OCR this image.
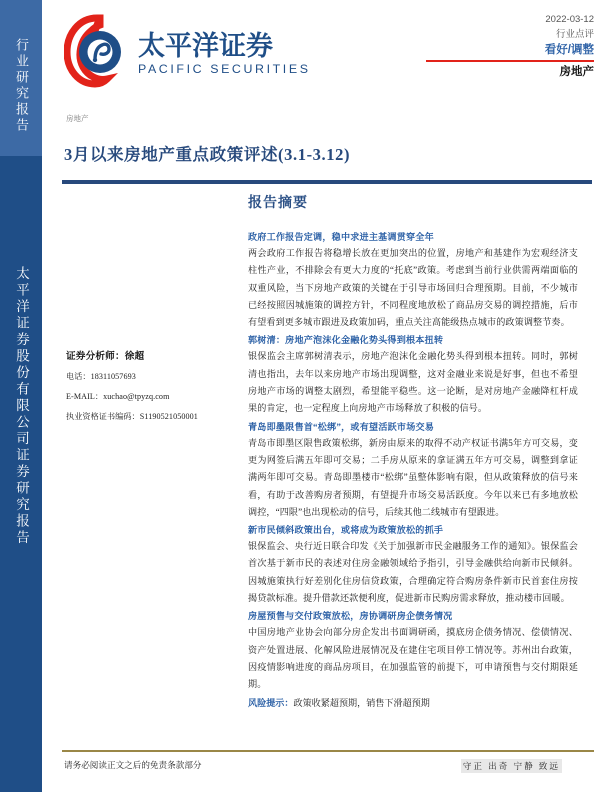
行业研究报告
太平洋证券股份有限公司证券研究报告
太平洋证券
PACIFIC SECURITIES
2022-03-12
行业点评
看好/调整
房地产
房地产
3月以来房地产重点政策评述(3.1-3.12)
证券分析师：徐超
电话：18311057693
E-MAIL：xuchao@tpyzq.com
执业资格证书编码：S1190521050001
报告摘要
政府工作报告定调，稳中求进主基调贯穿全年
两会政府工作报告将稳增长放在更加突出的位置，房地产和基建作为宏观经济支柱性产业，不排除会有更大力度的“托底”政策。考虑到当前行业供需两端面临的双重风险，当下房地产政策的关键在于引导市场回归合理预期。目前，不少城市已经按照因城施策的调控方针，不同程度地放松了商品房交易的调控措施，后市有望看到更多城市跟进及政策加码，重点关注高能级热点城市的政策调整节奏。
郭树清：房地产泡沫化金融化势头得到根本扭转
银保监会主席郭树清表示，房地产泡沫化金融化势头得到根本扭转。同时，郭树清也指出，去年以来房地产市场出现调整，这对金融业来说是好事，但也不希望房地产市场的调整太剧烈，希望能平稳些。这一论断，是对房地产金融降杠杆成果的肯定，也一定程度上向房地产市场释放了积极的信号。
青岛即墨限售首“松绑”，或有望活跃市场交易
青岛市即墨区限售政策松绑，新房由原来的取得不动产权证书满5年方可交易，变更为网签后满五年即可交易；二手房从原来的拿证满五年方可交易，调整到拿证满两年即可交易。青岛即墨楼市“松绑”虽整体影响有限，但从政策释放的信号来看，有助于改善购房者预期，有望提升市场交易活跃度。今年以来已有多地放松调控，“四限”也出现松动的信号，后续其他二线城市有望跟进。
新市民倾斜政策出台，或将成为政策放松的抓手
银保监会、央行近日联合印发《关于加强新市民金融服务工作的通知》。银保监会首次基于新市民的表述对住房金融领域给予指引，引导金融供给向新市民倾斜。因城施策执行好差别化住房信贷政策，合理确定符合购房条件新市民首套住房按揭贷款标准。提升借款还款便利度，促进新市民购房需求释放，推动楼市回暖。
房屋预售与交付政策放松，房协调研房企债务情况
中国房地产业协会向部分房企发出书面调研函，摸底房企债务情况、偿债情况、资产处置进展、化解风险进展情况及在建住宅项目停工情况等。苏州出台政策，因疫情影响进度的商品房项目，在加强监管的前提下，可申请预售与交付期限延期。
风险提示：政策收紧超预期，销售下滑超预期
请务必阅读正文之后的免责条款部分	守正 出奇 宁静 致远
